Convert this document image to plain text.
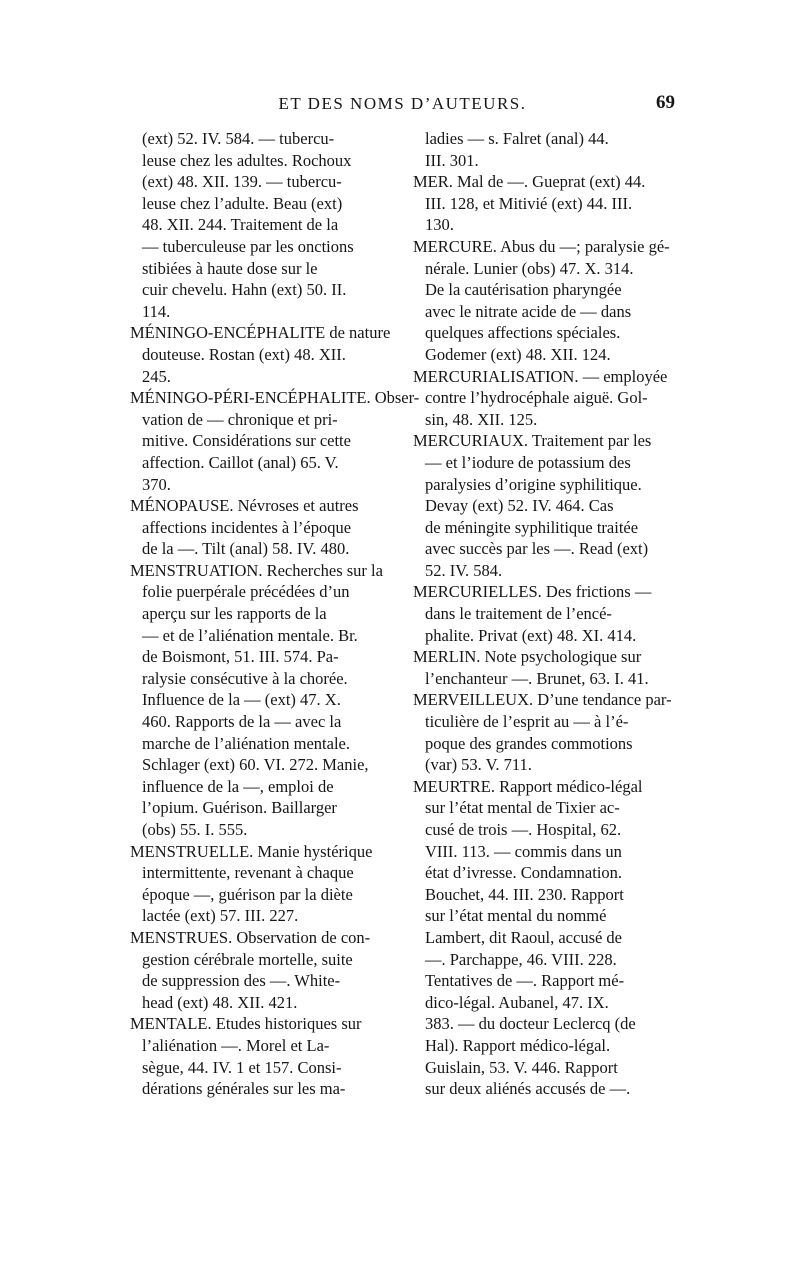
ET DES NOMS D’AUTEURS.	69
(ext) 52. IV. 584. — tubercu-
leuse chez les adultes. Rochoux
(ext) 48. XII. 139. — tubercu-
leuse chez l’adulte. Beau (ext)
48. XII. 244. Traitement de la
— tuberculeuse par les onctions
stibiées à haute dose sur le
cuir chevelu. Hahn (ext) 50. II.
114.
MÉNINGO-ENCÉPHALITE de nature
douteuse. Rostan (ext) 48. XII.
245.
MÉNINGO-PÉRI-ENCÉPHALITE. Obser-
vation de — chronique et pri-
mitive. Considérations sur cette
affection. Caillot (anal) 65. V.
370.
MÉNOPAUSE. Névroses et autres
affections incidentes à l’époque
de la —. Tilt (anal) 58. IV. 480.
MENSTRUATION. Recherches sur la
folie puerpérale précédées d’un
aperçu sur les rapports de la
— et de l’aliénation mentale. Br.
de Boismont, 51. III. 574. Pa-
ralysie consécutive à la chorée.
Influence de la — (ext) 47. X.
460. Rapports de la — avec la
marche de l’aliénation mentale.
Schlager (ext) 60. VI. 272. Manie,
influence de la —, emploi de
l’opium. Guérison. Baillarger
(obs) 55. I. 555.
MENSTRUELLE. Manie hystérique
intermittente, revenant à chaque
époque —, guérison par la diète
lactée (ext) 57. III. 227.
MENSTRUES. Observation de con-
gestion cérébrale mortelle, suite
de suppression des —. White-
head (ext) 48. XII. 421.
MENTALE. Etudes historiques sur
l’aliénation —. Morel et La-
sègue, 44. IV. 1 et 157. Consi-
dérations générales sur les ma-
ladies — s. Falret (anal) 44.
III. 301.
MER. Mal de —. Gueprat (ext) 44.
III. 128, et Mitivié (ext) 44. III.
130.
MERCURE. Abus du —; paralysie gé-
nérale. Lunier (obs) 47. X. 314.
De la cautérisation pharyngée
avec le nitrate acide de — dans
quelques affections spéciales.
Godemer (ext) 48. XII. 124.
MERCURIALISATION. — employée
contre l’hydrocéphale aiguë. Gol-
sin, 48. XII. 125.
MERCURIAUX. Traitement par les
— et l’iodure de potassium des
paralysies d’origine syphilitique.
Devay (ext) 52. IV. 464. Cas
de méningite syphilitique traitée
avec succès par les —. Read (ext)
52. IV. 584.
MERCURIELLES. Des frictions —
dans le traitement de l’encé-
phalite. Privat (ext) 48. XI. 414.
MERLIN. Note psychologique sur
l’enchanteur —. Brunet, 63. I. 41.
MERVEILLEUX. D’une tendance par-
ticulière de l’esprit au — à l’é-
poque des grandes commotions
(var) 53. V. 711.
MEURTRE. Rapport médico-légal
sur l’état mental de Tixier ac-
cusé de trois —. Hospital, 62.
VIII. 113. — commis dans un
état d’ivresse. Condamnation.
Bouchet, 44. III. 230. Rapport
sur l’état mental du nommé
Lambert, dit Raoul, accusé de
—. Parchappe, 46. VIII. 228.
Tentatives de —. Rapport mé-
dico-légal. Aubanel, 47. IX.
383. — du docteur Leclercq (de
Hal). Rapport médico-légal.
Guislain, 53. V. 446. Rapport
sur deux aliénés accusés de —.
